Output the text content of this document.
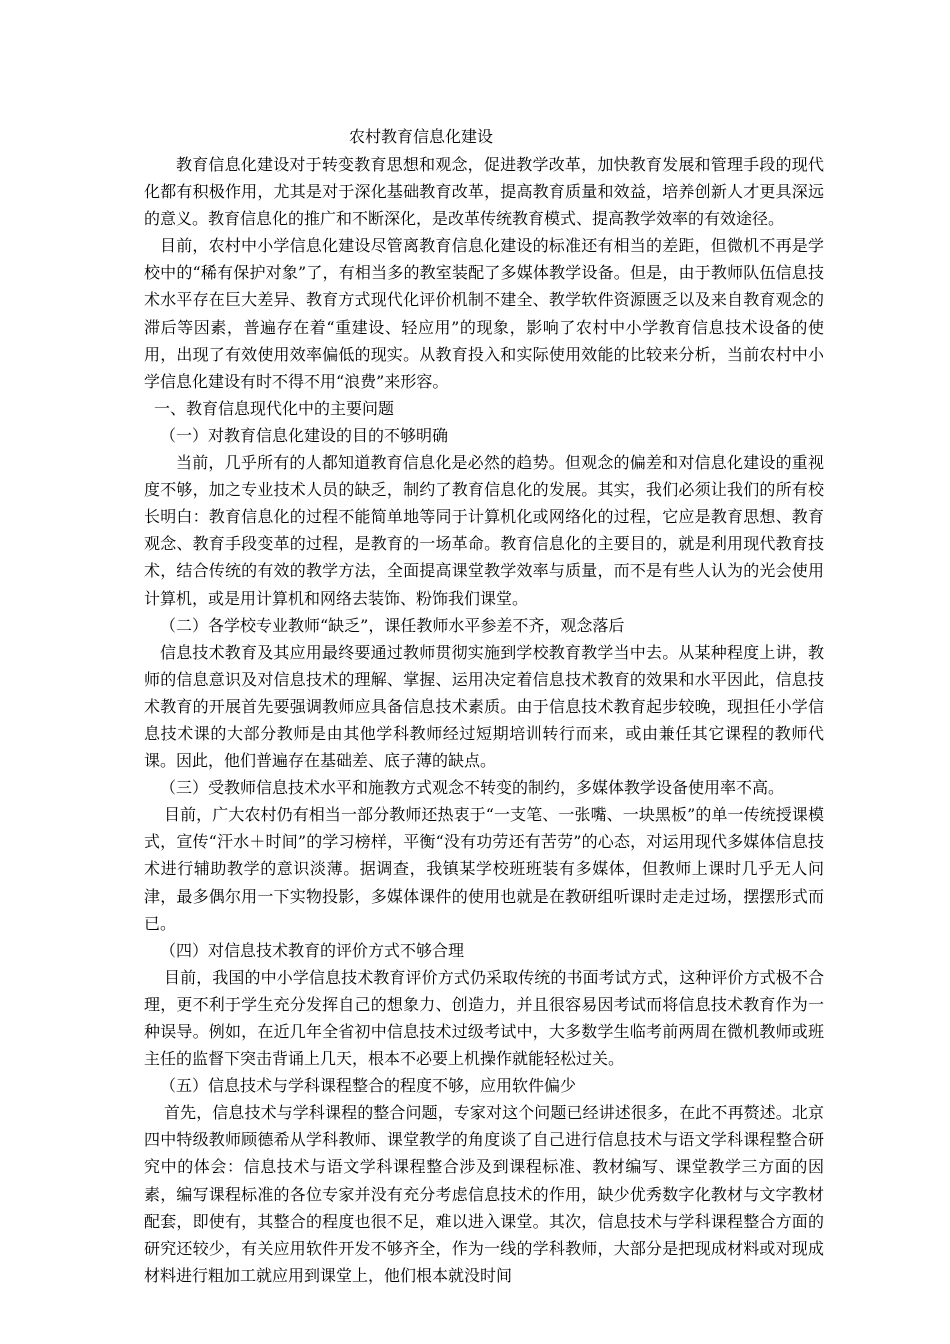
农村教育信息化建设

教育信息化建设对于转变教育思想和观念，促进教学改革，加快教育发展和管理手段的现代化都有积极作用，尤其是对于深化基础教育改革，提高教育质量和效益，培养创新人才更具深远的意义。教育信息化的推广和不断深化，是改革传统教育模式、提高教学效率的有效途径。

目前，农村中小学信息化建设尽管离教育信息化建设的标准还有相当的差距，但微机不再是学校中的“稀有保护对象”了，有相当多的教室装配了多媒体教学设备。但是，由于教师队伍信息技术水平存在巨大差异、教育方式现代化评价机制不建全、教学软件资源匮乏以及来自教育观念的滞后等因素，普遍存在着“重建设、轻应用”的现象，影响了农村中小学教育信息技术设备的使用，出现了有效使用效率偏低的现实。从教育投入和实际使用效能的比较来分析，当前农村中小学信息化建设有时不得不用“浪费”来形容。

一、教育信息现代化中的主要问题

（一）对教育信息化建设的目的不够明确

当前，几乎所有的人都知道教育信息化是必然的趋势。但观念的偏差和对信息化建设的重视度不够，加之专业技术人员的缺乏，制约了教育信息化的发展。其实，我们必须让我们的所有校长明白：教育信息化的过程不能简单地等同于计算机化或网络化的过程，它应是教育思想、教育观念、教育手段变革的过程，是教育的一场革命。教育信息化的主要目的，就是利用现代教育技术，结合传统的有效的教学方法，全面提高课堂教学效率与质量，而不是有些人认为的光会使用计算机，或是用计算机和网络去装饰、粉饰我们课堂。

（二）各学校专业教师“缺乏”，课任教师水平参差不齐，观念落后

信息技术教育及其应用最终要通过教师贯彻实施到学校教育教学当中去。从某种程度上讲，教师的信息意识及对信息技术的理解、掌握、运用决定着信息技术教育的效果和水平因此，信息技术教育的开展首先要强调教师应具备信息技术素质。由于信息技术教育起步较晚，现担任小学信息技术课的大部分教师是由其他学科教师经过短期培训转行而来，或由兼任其它课程的教师代课。因此，他们普遍存在基础差、底子薄的缺点。

（三）受教师信息技术水平和施教方式观念不转变的制约，多媒体教学设备使用率不高。

目前，广大农村仍有相当一部分教师还热衷于“一支笔、一张嘴、一块黑板”的单一传统授课模式，宣传“汗水＋时间”的学习榜样，平衡“没有功劳还有苦劳”的心态，对运用现代多媒体信息技术进行辅助教学的意识淡薄。据调查，我镇某学校班班装有多媒体，但教师上课时几乎无人问津，最多偶尔用一下实物投影，多媒体课件的使用也就是在教研组听课时走走过场，摆摆形式而已。

（四）对信息技术教育的评价方式不够合理

目前，我国的中小学信息技术教育评价方式仍采取传统的书面考试方式，这种评价方式极不合理，更不利于学生充分发挥自己的想象力、创造力，并且很容易因考试而将信息技术教育作为一种误导。例如，在近几年全省初中信息技术过级考试中，大多数学生临考前两周在微机教师或班主任的监督下突击背诵上几天，根本不必要上机操作就能轻松过关。

（五）信息技术与学科课程整合的程度不够，应用软件偏少

首先，信息技术与学科课程的整合问题，专家对这个问题已经讲述很多，在此不再赘述。北京四中特级教师顾德希从学科教师、课堂教学的角度谈了自己进行信息技术与语文学科课程整合研究中的体会：信息技术与语文学科课程整合涉及到课程标准、教材编写、课堂教学三方面的因素，编写课程标准的各位专家并没有充分考虑信息技术的作用，缺少优秀数字化教材与文字教材配套，即使有，其整合的程度也很不足，难以进入课堂。其次，信息技术与学科课程整合方面的研究还较少，有关应用软件开发不够齐全，作为一线的学科教师，大部分是把现成材料或对现成材料进行粗加工就应用到课堂上，他们根本就没时间
